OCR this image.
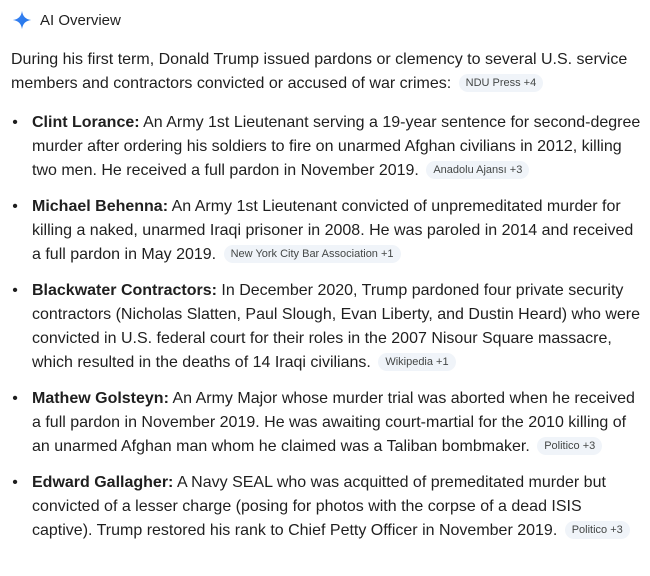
AI Overview

During his first term, Donald Trump issued pardons or clemency to several U.S. service members and contractors convicted or accused of war crimes: NDU Press +4

• Clint Lorance: An Army 1st Lieutenant serving a 19-year sentence for second-degree murder after ordering his soldiers to fire on unarmed Afghan civilians in 2012, killing two men. He received a full pardon in November 2019. Anadolu Ajansı +3
• Michael Behenna: An Army 1st Lieutenant convicted of unpremeditated murder for killing a naked, unarmed Iraqi prisoner in 2008. He was paroled in 2014 and received a full pardon in May 2019. New York City Bar Association +1
• Blackwater Contractors: In December 2020, Trump pardoned four private security contractors (Nicholas Slatten, Paul Slough, Evan Liberty, and Dustin Heard) who were convicted in U.S. federal court for their roles in the 2007 Nisour Square massacre, which resulted in the deaths of 14 Iraqi civilians. Wikipedia +1
• Mathew Golsteyn: An Army Major whose murder trial was aborted when he received a full pardon in November 2019. He was awaiting court-martial for the 2010 killing of an unarmed Afghan man whom he claimed was a Taliban bombmaker. Politico +3
• Edward Gallagher: A Navy SEAL who was acquitted of premeditated murder but convicted of a lesser charge (posing for photos with the corpse of a dead ISIS captive). Trump restored his rank to Chief Petty Officer in November 2019. Politico +3
